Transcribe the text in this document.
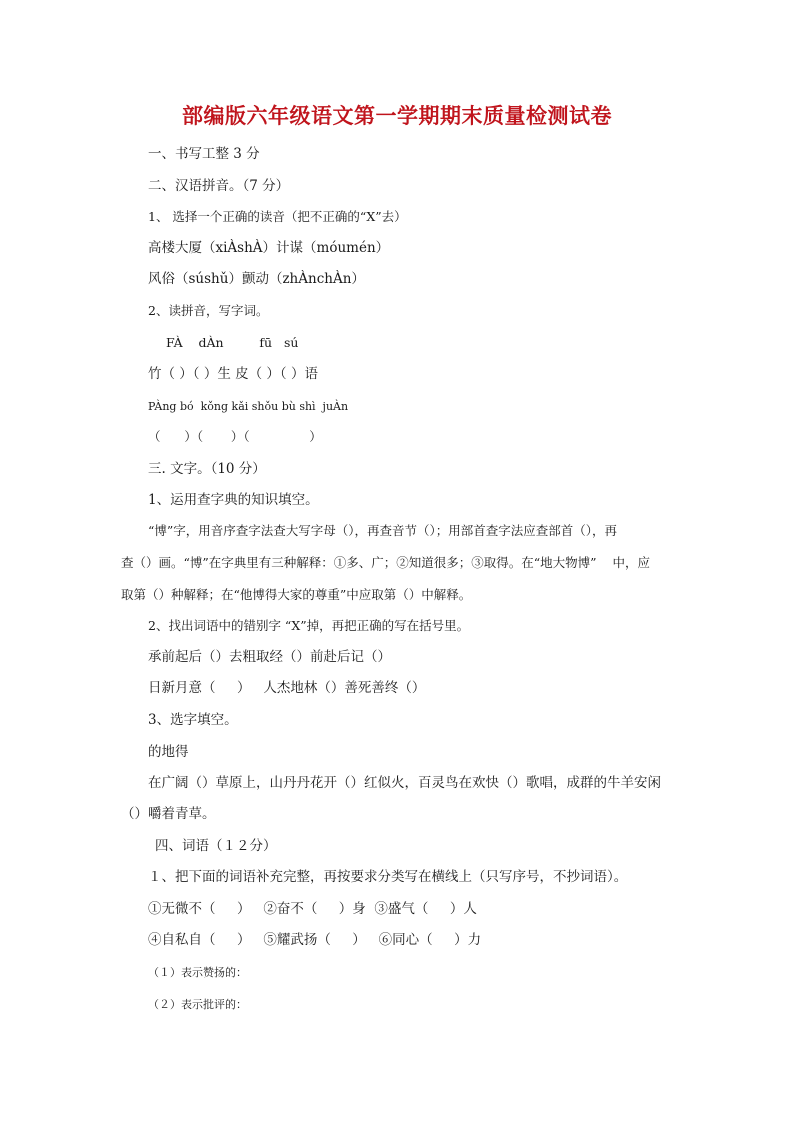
部编版六年级语文第一学期期末质量检测试卷
一、书写工整 3 分
二、汉语拼音。（7 分）
1、 选择一个正确的读音（把不正确的“X”去）
高楼大厦（xiÀshÀ）计谋（móumén）
风俗（súshǔ）颤动（zhÀnchÀn）
2、读拼音，写字词。
FÀ    dÀn         fū   sú
竹（ ）（ ）生 皮（ ）（ ）语
PÀng bó  kǒng kǎi shǒu bù shì  juÀn
（      ）（       ）（               ）
三. 文字。（10 分）
1、运用查字典的知识填空。
“博”字，用音序查字法查大写字母（），再查音节（）；用部首查字法应查部首（），再
查（）画。“博”在字典里有三种解释：①多、广；②知道很多；③取得。在“地大物博”    中，应
取第（）种解释；在“他博得大家的尊重”中应取第（）中解释。
2、找出词语中的错别字 “X”掉，再把正确的写在括号里。
承前起后（）去粗取经（）前赴后记（）
日新月意（     ）   人杰地林（）善死善终（）
3、选字填空。
的地得
在广阔（）草原上，山丹丹花开（）红似火，百灵鸟在欢快（）歌唱，成群的牛羊安闲
（）嚼着青草。
四、词语（１２分）
１、把下面的词语补充完整，再按要求分类写在横线上（只写序号，不抄词语）。
①无微不（     ）   ②奋不（     ）身  ③盛气（     ）人
④自私自（     ）   ⑤耀武扬（     ）   ⑥同心（     ）力
（１）表示赞扬的：
（２）表示批评的：
